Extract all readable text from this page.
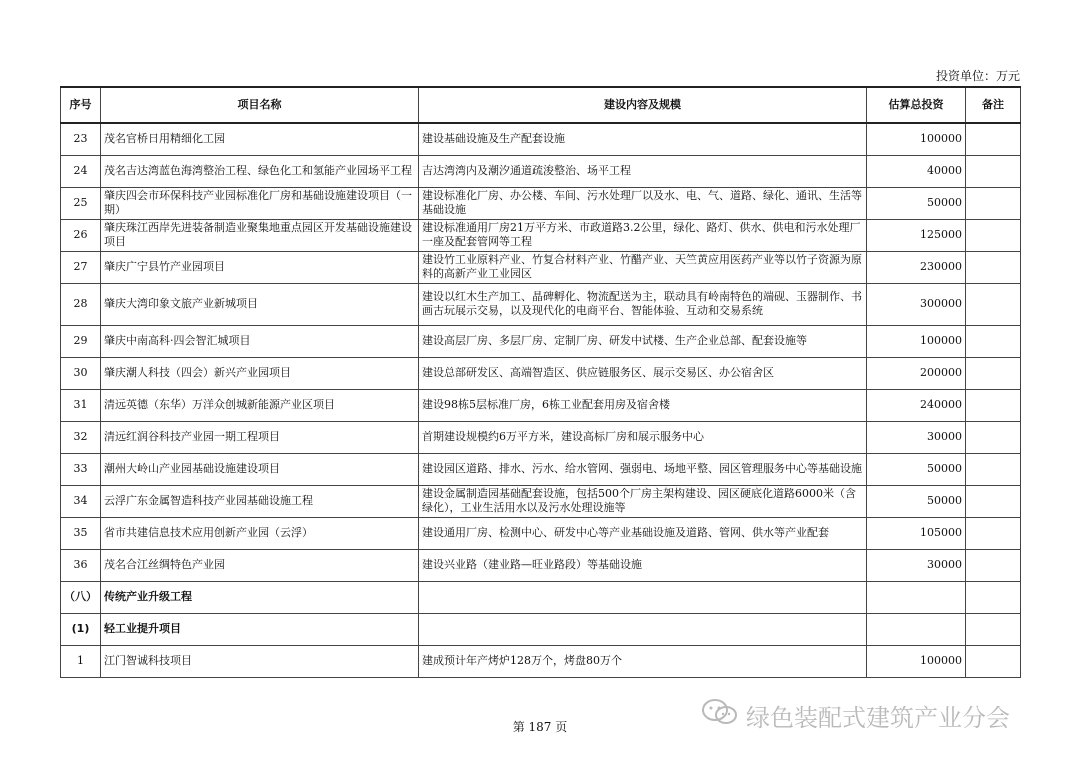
投资单位：万元
序号	项目名称	建设内容及规模	估算总投资	备注
23	茂名官桥日用精细化工园	建设基础设施及生产配套设施	100000	
24	茂名吉达湾蓝色海湾整治工程、绿色化工和氢能产业园场平工程	吉达湾湾内及潮汐通道疏浚整治、场平工程	40000	
25	肇庆四会市环保科技产业园标准化厂房和基础设施建设项目（一期）	建设标准化厂房、办公楼、车间、污水处理厂以及水、电、气、道路、绿化、通讯、生活等基础设施	50000	
26	肇庆珠江西岸先进装备制造业聚集地重点园区开发基础设施建设项目	建设标准通用厂房21万平方米、市政道路3.2公里，绿化、路灯、供水、供电和污水处理厂一座及配套管网等工程	125000	
27	肇庆广宁县竹产业园项目	建设竹工业原料产业、竹复合材料产业、竹醋产业、天竺黄应用医药产业等以竹子资源为原料的高新产业工业园区	230000	
28	肇庆大湾印象文旅产业新城项目	建设以红木生产加工、晶碑孵化、物流配送为主，联动具有岭南特色的端砚、玉器制作、书画古玩展示交易，以及现代化的电商平台、智能体验、互动和交易系统	300000	
29	肇庆中南高科·四会智汇城项目	建设高层厂房、多层厂房、定制厂房、研发中试楼、生产企业总部、配套设施等	100000	
30	肇庆潮人科技（四会）新兴产业园项目	建设总部研发区、高端智造区、供应链服务区、展示交易区、办公宿舍区	200000	
31	清远英德（东华）万洋众创城新能源产业区项目	建设98栋5层标准厂房，6栋工业配套用房及宿舍楼	240000	
32	清远红润谷科技产业园一期工程项目	首期建设规模约6万平方米，建设高标厂房和展示服务中心	30000	
33	潮州大岭山产业园基础设施建设项目	建设园区道路、排水、污水、给水管网、强弱电、场地平整、园区管理服务中心等基础设施	50000	
34	云浮广东金属智造科技产业园基础设施工程	建设金属制造园基础配套设施，包括500个厂房主架构建设、园区硬底化道路6000米（含绿化），工业生活用水以及污水处理设施等	50000	
35	省市共建信息技术应用创新产业园（云浮）	建设通用厂房、检测中心、研发中心等产业基础设施及道路、管网、供水等产业配套	105000	
36	茂名合江丝绸特色产业园	建设兴业路（建业路—旺业路段）等基础设施	30000	
（八）	传统产业升级工程			
(1)	轻工业提升项目			
1	江门智诚科技项目	建成预计年产烤炉128万个，烤盘80万个	100000	
第 187 页	绿色装配式建筑产业分会
